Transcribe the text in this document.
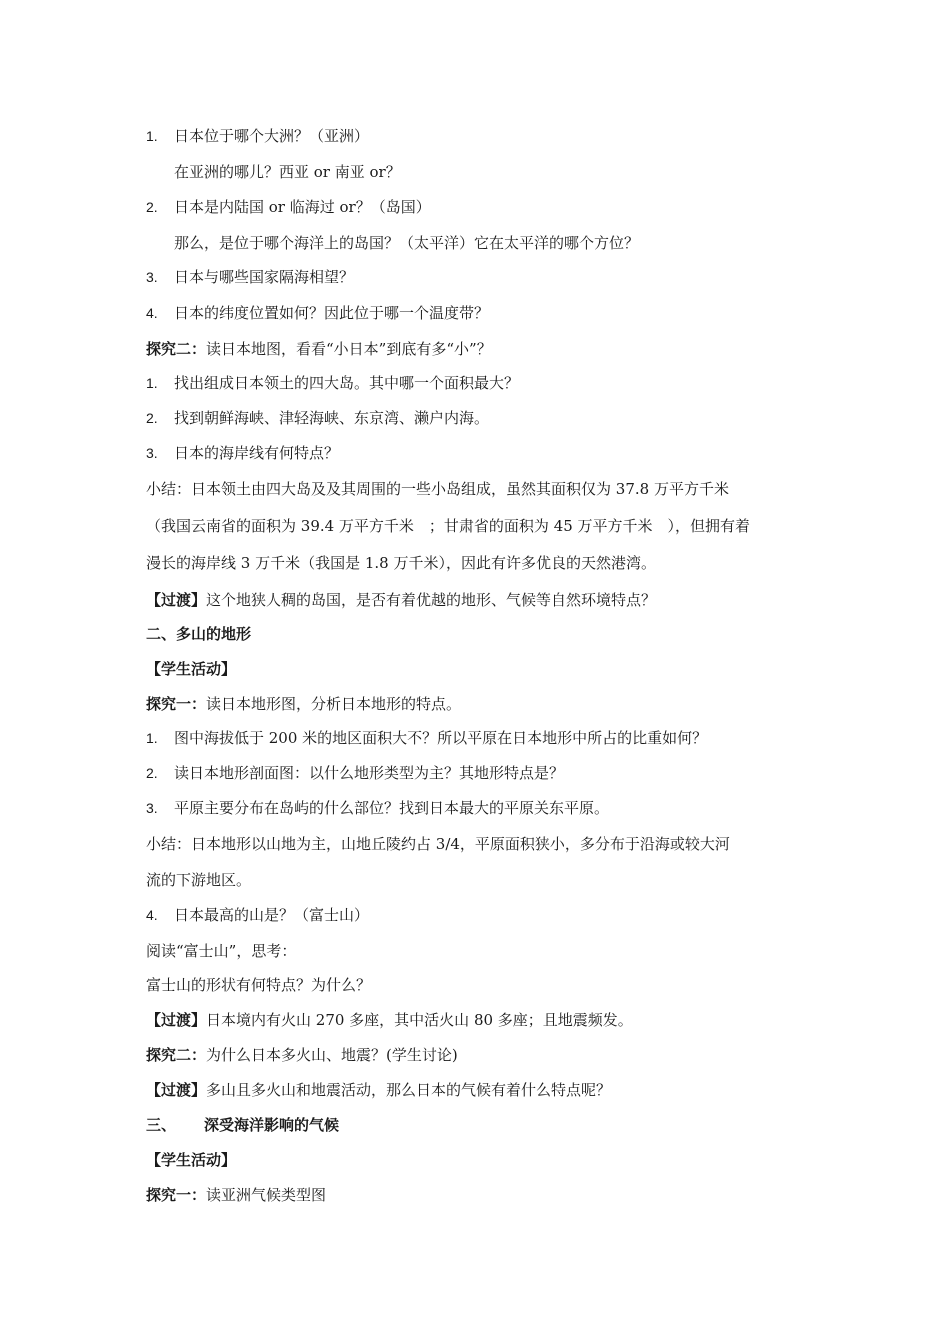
1. 日本位于哪个大洲？（亚洲）
在亚洲的哪儿？西亚 or 南亚 or？
2. 日本是内陆国 or 临海过 or？（岛国）
那么，是位于哪个海洋上的岛国？（太平洋）它在太平洋的哪个方位？
3. 日本与哪些国家隔海相望？
4. 日本的纬度位置如何？因此位于哪一个温度带？
探究二：读日本地图，看看“小日本”到底有多“小”？
1. 找出组成日本领土的四大岛。其中哪一个面积最大？
2. 找到朝鲜海峡、津轻海峡、东京湾、濑户内海。
3. 日本的海岸线有何特点？
小结：日本领土由四大岛及及其周围的一些小岛组成，虽然其面积仅为 37.8 万平方千米
（我国云南省的面积为 39.4 万平方千米　；甘肃省的面积为 45 万平方千米　），但拥有着
漫长的海岸线 3 万千米（我国是 1.8 万千米），因此有许多优良的天然港湾。
【过渡】这个地狭人稠的岛国，是否有着优越的地形、气候等自然环境特点？
二、多山的地形
【学生活动】
探究一：读日本地形图，分析日本地形的特点。
1. 图中海拔低于 200 米的地区面积大不？所以平原在日本地形中所占的比重如何？
2. 读日本地形剖面图：以什么地形类型为主？其地形特点是？
3. 平原主要分布在岛屿的什么部位？找到日本最大的平原关东平原。
小结：日本地形以山地为主，山地丘陵约占 3/4，平原面积狭小，多分布于沿海或较大河
流的下游地区。
4. 日本最高的山是？（富士山）
阅读“富士山”，思考：
富士山的形状有何特点？为什么？
【过渡】日本境内有火山 270 多座，其中活火山 80 多座；且地震频发。
探究二：为什么日本多火山、地震？(学生讨论)
【过渡】多山且多火山和地震活动，那么日本的气候有着什么特点呢？
三、 深受海洋影响的气候
【学生活动】
探究一：读亚洲气候类型图
